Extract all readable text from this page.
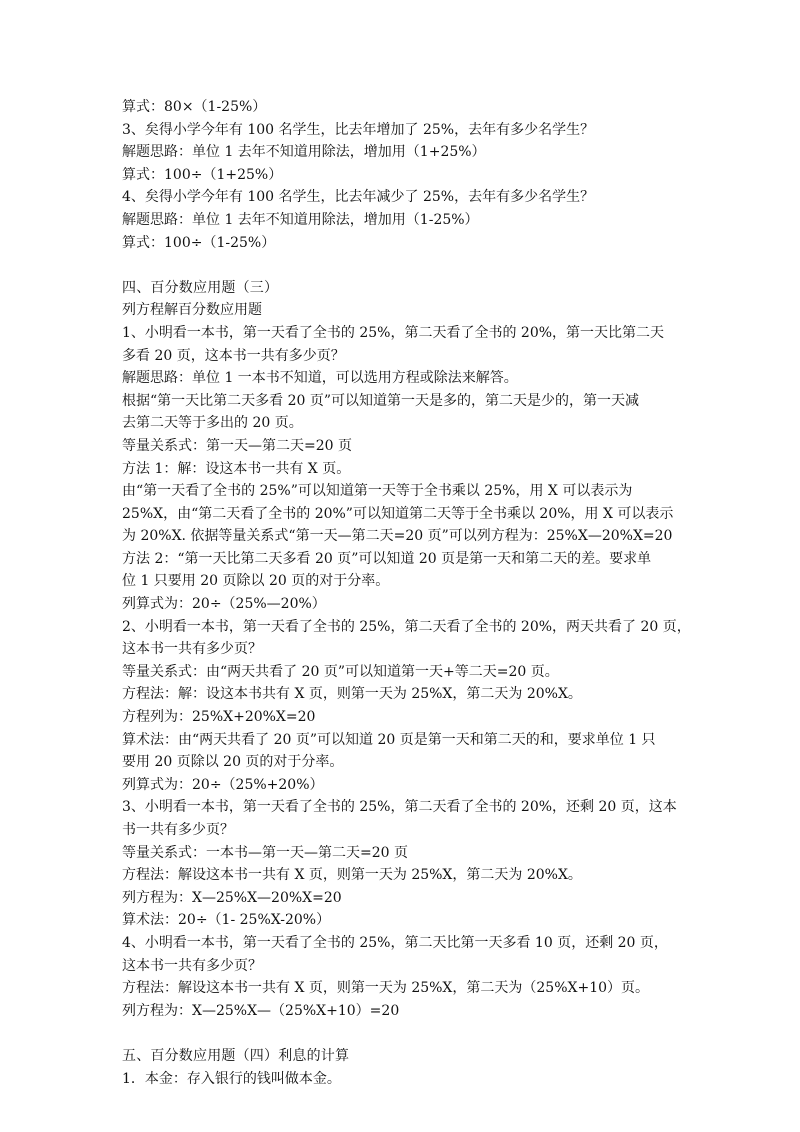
算式：80×（1-25%）
3、矣得小学今年有 100 名学生，比去年增加了 25%，去年有多少名学生？
解题思路：单位 1 去年不知道用除法，增加用（1+25%）
算式：100÷（1+25%）
4、矣得小学今年有 100 名学生，比去年减少了 25%，去年有多少名学生？
解题思路：单位 1 去年不知道用除法，增加用（1-25%）
算式：100÷（1-25%）
四、百分数应用题（三）
列方程解百分数应用题
1、小明看一本书，第一天看了全书的 25%，第二天看了全书的 20%，第一天比第二天
多看 20 页，这本书一共有多少页？
解题思路：单位 1 一本书不知道，可以选用方程或除法来解答。
根据“第一天比第二天多看 20 页”可以知道第一天是多的，第二天是少的，第一天减
去第二天等于多出的 20 页。
等量关系式：第一天—第二天=20 页
方法 1：解：设这本书一共有 X 页。
由“第一天看了全书的 25%”可以知道第一天等于全书乘以 25%，用 X 可以表示为
25%X，由“第二天看了全书的 20%”可以知道第二天等于全书乘以 20%，用 X 可以表示
为 20%X. 依据等量关系式“第一天—第二天=20 页”可以列方程为：25%X—20%X=20
方法 2：“第一天比第二天多看 20 页”可以知道 20 页是第一天和第二天的差。要求单
位 1 只要用 20 页除以 20 页的对于分率。
列算式为：20÷（25%—20%）
2、小明看一本书，第一天看了全书的 25%，第二天看了全书的 20%，两天共看了 20 页，
这本书一共有多少页？
等量关系式：由“两天共看了 20 页”可以知道第一天+等二天=20 页。
方程法：解：设这本书共有 X 页，则第一天为 25%X，第二天为 20%X。
方程列为：25%X+20%X=20
算术法：由“两天共看了 20 页”可以知道 20 页是第一天和第二天的和，要求单位 1 只
要用 20 页除以 20 页的对于分率。
列算式为：20÷（25%+20%）
3、小明看一本书，第一天看了全书的 25%，第二天看了全书的 20%，还剩 20 页，这本
书一共有多少页？
等量关系式：一本书—第一天—第二天=20 页
方程法：解设这本书一共有 X 页，则第一天为 25%X，第二天为 20%X。
列方程为：X—25%X—20%X=20
算术法：20÷（1- 25%X-20%）
4、小明看一本书，第一天看了全书的 25%，第二天比第一天多看 10 页，还剩 20 页，
这本书一共有多少页？
方程法：解设这本书一共有 X 页，则第一天为 25%X，第二天为（25%X+10）页。
列方程为：X—25%X—（25%X+10）=20
五、百分数应用题（四）利息的计算
1．本金：存入银行的钱叫做本金。
